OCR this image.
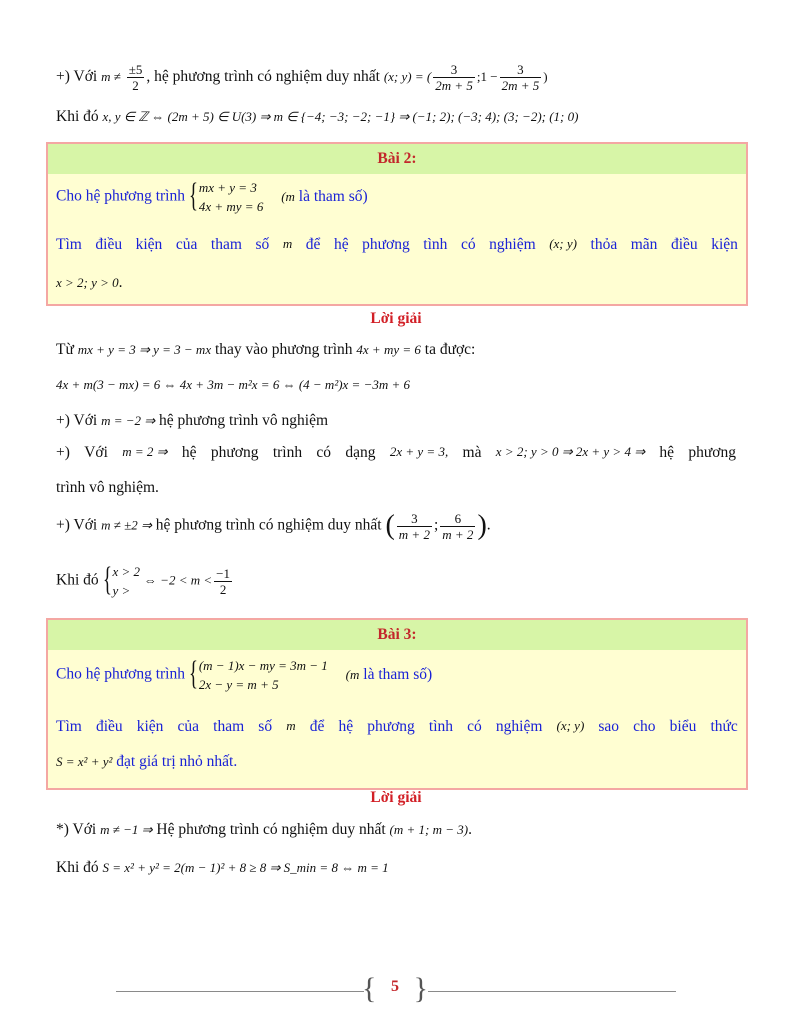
+) Với $m \ne \frac{\pm 5}{2}$ , hệ phương trình có nghiệm duy nhất (x; y) = ( $\frac{3}{2m + 5}$ ;1 − $\frac{3}{2m + 5}$ )
Khi đó x, y ∈ ℤ ⇔ (2m + 5) ∈ U(3) ⇒ m ∈ {−4; −3; −2; −1} ⇒ (−1; 2); (−3; 4); (3; −2); (1; 0)
Bài 2:
Cho hệ phương trình { mx + y = 3
4x + my = 6
(m là tham số)
Tìm điều kiện của tham số m để hệ phương tình có nghiệm (x; y) thỏa mãn điều kiện
x > 2; y > 0.
Lời giải
Từ mx + y = 3 ⇒ y = 3 − mx thay vào phương trình 4x + my = 6 ta được:
4x + m(3 − mx) = 6 ⇔ 4x + 3m − m²x = 6 ⇔ (4 − m²)x = −3m + 6
+) Với m = −2 ⇒ hệ phương trình vô nghiệm
+) Với m = 2 ⇒ hệ phương trình có dạng 2x + y = 3, mà x > 2; y > 0 ⇒ 2x + y > 4 ⇒ hệ phương
trình vô nghiệm.
+) Với m ≠ ±2 ⇒ hệ phương trình có nghiệm duy nhất ( $\frac{3}{m + 2}$ ; $\frac{6}{m + 2}$ ).
Khi đó { x > 2
y >
⇔ $-2 < m < \frac{-1}{2}$
Bài 3:
Cho hệ phương trình { (m − 1)x − my = 3m − 1
2x − y = m + 5
(m là tham số)
Tìm điều kiện của tham số m để hệ phương tình có nghiệm (x; y) sao cho biểu thức
S = x² + y² đạt giá trị nhỏ nhất.
Lời giải
*) Với m ≠ −1 ⇒ Hệ phương trình có nghiệm duy nhất (m + 1; m − 3).
Khi đó S = x² + y² = 2(m − 1)² + 8 ≥ 8 ⇒ S_min = 8 ⇔ m = 1
{ 5 }
